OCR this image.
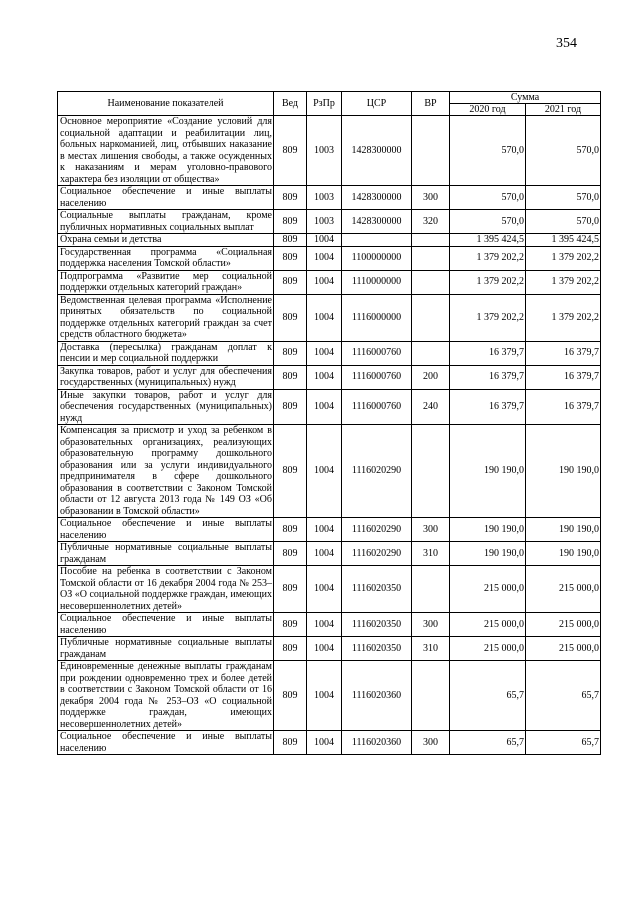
354
Наименование показателей	Вед	РзПр	ЦСР	ВР	Сумма	
					2020 год	2021 год
Основное мероприятие «Создание условий для социальной адаптации и реабилитации лиц, больных наркоманией, лиц, отбывших наказание в местах лишения свободы, а также осужденных к наказаниям и мерам уголовно-правового характера без изоляции от общества»	809	1003	1428300000		570,0	570,0
Социальное обеспечение и иные выплаты населению	809	1003	1428300000	300	570,0	570,0
Социальные выплаты гражданам, кроме публичных нормативных социальных выплат	809	1003	1428300000	320	570,0	570,0
Охрана семьи и детства	809	1004			1 395 424,5	1 395 424,5
Государственная программа «Социальная поддержка населения Томской области»	809	1004	1100000000		1 379 202,2	1 379 202,2
Подпрограмма «Развитие мер социальной поддержки отдельных категорий граждан»	809	1004	1110000000		1 379 202,2	1 379 202,2
Ведомственная целевая программа «Исполнение принятых обязательств по социальной поддержке отдельных категорий граждан за счет средств областного бюджета»	809	1004	1116000000		1 379 202,2	1 379 202,2
Доставка (пересылка) гражданам доплат к пенсии и мер социальной поддержки	809	1004	1116000760		16 379,7	16 379,7
Закупка товаров, работ и услуг для обеспечения государственных (муниципальных) нужд	809	1004	1116000760	200	16 379,7	16 379,7
Иные закупки товаров, работ и услуг для обеспечения государственных (муниципальных) нужд	809	1004	1116000760	240	16 379,7	16 379,7
Компенсация за присмотр и уход за ребенком в образовательных организациях, реализующих образовательную программу дошкольного образования или за услуги индивидуального предпринимателя в сфере дошкольного образования в соответствии с Законом Томской области от 12 августа 2013 года № 149 ОЗ «Об образовании в Томской области»	809	1004	1116020290		190 190,0	190 190,0
Социальное обеспечение и иные выплаты населению	809	1004	1116020290	300	190 190,0	190 190,0
Публичные нормативные социальные выплаты гражданам	809	1004	1116020290	310	190 190,0	190 190,0
Пособие на ребенка в соответствии с Законом Томской области от 16 декабря 2004 года № 253–ОЗ «О социальной поддержке граждан, имеющих несовершеннолетних детей»	809	1004	1116020350		215 000,0	215 000,0
Социальное обеспечение и иные выплаты населению	809	1004	1116020350	300	215 000,0	215 000,0
Публичные нормативные социальные выплаты гражданам	809	1004	1116020350	310	215 000,0	215 000,0
Единовременные денежные выплаты гражданам при рождении одновременно трех и более детей в соответствии с Законом Томской области от 16 декабря 2004 года № 253–ОЗ «О социальной поддержке граждан, имеющих несовершеннолетних детей»	809	1004	1116020360		65,7	65,7
Социальное обеспечение и иные выплаты населению	809	1004	1116020360	300	65,7	65,7
